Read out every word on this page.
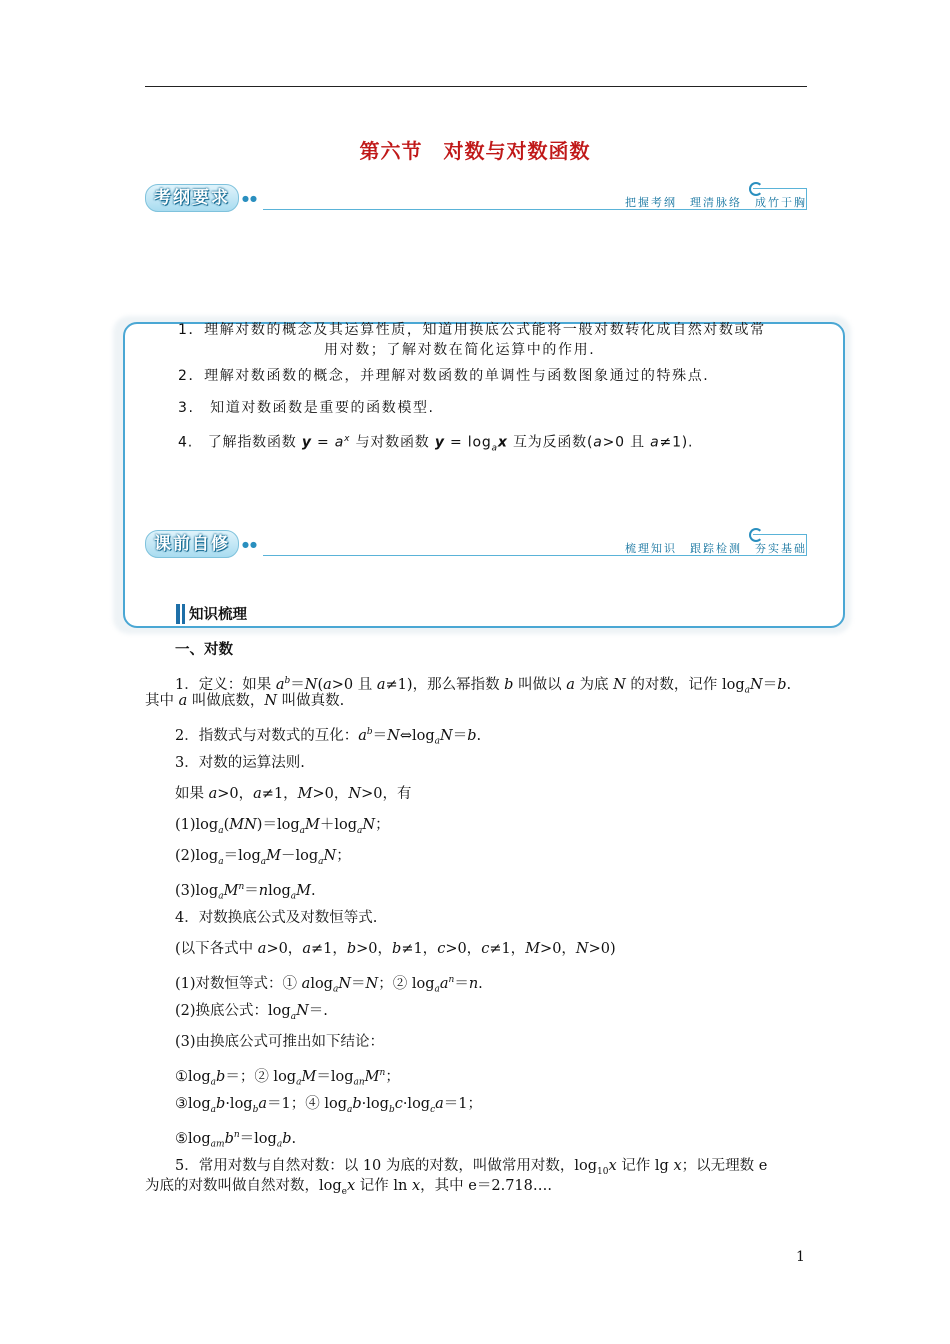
第六节　对数与对数函数
考纲要求	●●	把握考纲　理清脉络　成竹于胸
1．理解对数的概念及其运算性质，知道用换底公式能将一般对数转化成自然对数或常
用对数；了解对数在简化运算中的作用.
2．理解对数函数的概念，并理解对数函数的单调性与函数图象通过的特殊点.
3.　知道对数函数是重要的函数模型.
4.　了解指数函数 $y = a^x$ 与对数函数 $y = \log_ax$ 互为反函数(a>0 且 a≠1).
课前自修	●●	梳理知识　跟踪检测　夯实基础
知识梳理
一、对数
1．定义：如果 $a^b=N(a>0$ 且 a≠1)，那么幂指数 b 叫做以 a 为底 N 的对数，记作 $\log_aN=b$.
其中 a 叫做底数，N 叫做真数.
2．指数式与对数式的互化：$a^b=N\Leftrightarrow\log_aN=b$.
3．对数的运算法则.
如果 a>0，a≠1，M>0，N>0，有
$(1)\log_a(MN)=\log_aM+\log_aN$；
$(2)\log_a=\log_aM-\log_aN$；
$(3)\log_aM^n=nlog_aM$.
4．对数换底公式及对数恒等式.
(以下各式中 a>0，a≠1，b>0，b≠1，c>0，c≠1，M>0，N>0)
(1)对数恒等式：① alog$_a$N＝N；② $\log_aa^n=n$.
(2)换底公式：$\log_aN=$.
(3)由换底公式可推出如下结论：
$①\log_ab=$；② $\log_aM=\log_{an}M^n$；
$③\log_ab\cdot\log_ba=1$；④ $\log_ab\cdot\log_bc\cdot\log_ca=1$；
$⑤\log_{am}b^n=\log_ab$.
5．常用对数与自然对数：以 10 为底的对数，叫做常用对数，$\log_{10}x$ 记作 lg x；以无理数 e
为底的对数叫做自然对数，$\log_ex$ 记作 ln x，其中 e＝2.718….
1
